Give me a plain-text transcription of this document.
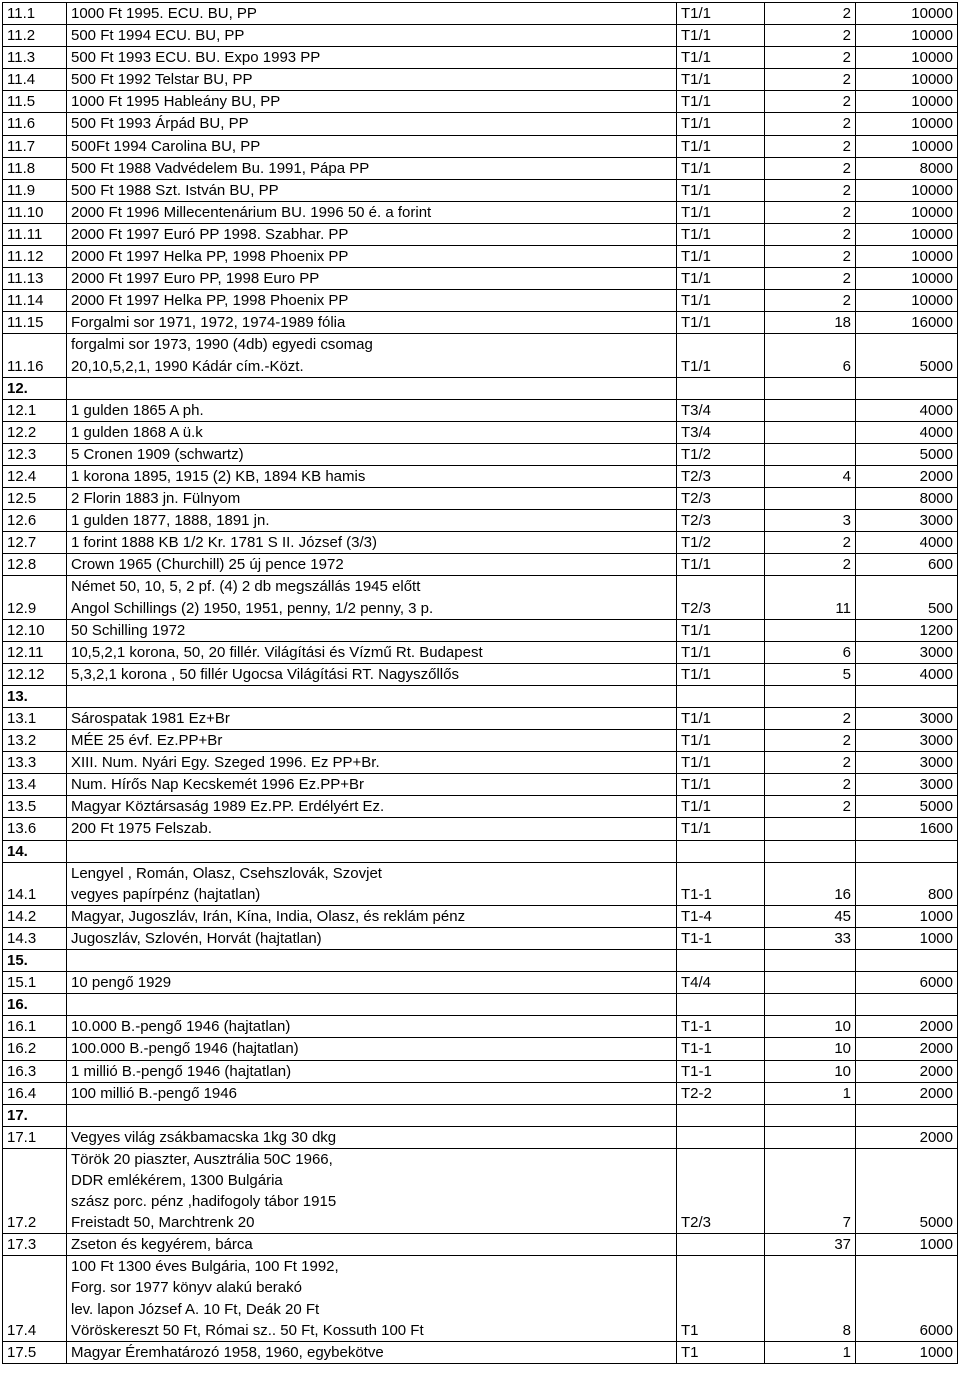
11.1	1000 Ft 1995. ECU. BU, PP	T1/1	2	10000
11.2	500 Ft 1994 ECU. BU, PP	T1/1	2	10000
11.3	500 Ft 1993 ECU. BU. Expo 1993 PP	T1/1	2	10000
11.4	500 Ft 1992 Telstar BU, PP	T1/1	2	10000
11.5	1000 Ft 1995 Hableány BU, PP	T1/1	2	10000
11.6	500 Ft 1993 Árpád BU, PP	T1/1	2	10000
11.7	500Ft 1994 Carolina BU, PP	T1/1	2	10000
11.8	500 Ft 1988 Vadvédelem Bu. 1991, Pápa PP	T1/1	2	8000
11.9	500 Ft 1988 Szt. István BU, PP	T1/1	2	10000
11.10	2000 Ft 1996 Millecentenárium BU. 1996 50 é. a forint	T1/1	2	10000
11.11	2000 Ft 1997 Euró PP 1998. Szabhar. PP	T1/1	2	10000
11.12	2000 Ft 1997 Helka PP, 1998 Phoenix PP	T1/1	2	10000
11.13	2000 Ft 1997 Euro PP, 1998 Euro PP	T1/1	2	10000
11.14	2000 Ft 1997 Helka PP, 1998 Phoenix PP	T1/1	2	10000
11.15	Forgalmi sor 1971, 1972, 1974-1989 fólia	T1/1	18	16000
11.16	forgalmi sor 1973, 1990 (4db) egyedi csomag
20,10,5,2,1, 1990 Kádár cím.-Közt.	T1/1	6	5000
12.				
12.1	1 gulden 1865 A ph.	T3/4		4000
12.2	1 gulden 1868 A ü.k	T3/4		4000
12.3	5 Cronen 1909 (schwartz)	T1/2		5000
12.4	1 korona 1895, 1915 (2) KB, 1894 KB hamis	T2/3	4	2000
12.5	2 Florin 1883 jn. Fülnyom	T2/3		8000
12.6	1 gulden 1877, 1888, 1891 jn.	T2/3	3	3000
12.7	1 forint 1888 KB 1/2 Kr. 1781 S II. József (3/3)	T1/2	2	4000
12.8	Crown 1965 (Churchill) 25 új pence 1972	T1/1	2	600
12.9	Német 50, 10, 5, 2 pf. (4) 2 db megszállás 1945 előtt
Angol Schillings (2) 1950, 1951, penny, 1/2 penny, 3 p.	T2/3	11	500
12.10	50 Schilling 1972	T1/1		1200
12.11	10,5,2,1 korona, 50, 20 fillér. Világítási és Vízmű Rt. Budapest	T1/1	6	3000
12.12	5,3,2,1 korona , 50 fillér Ugocsa Világítási RT. Nagyszőllős	T1/1	5	4000
13.				
13.1	Sárospatak 1981 Ez+Br	T1/1	2	3000
13.2	MÉE 25 évf. Ez.PP+Br	T1/1	2	3000
13.3	XIII. Num. Nyári Egy. Szeged 1996. Ez PP+Br.	T1/1	2	3000
13.4	Num. Hírős Nap Kecskemét 1996 Ez.PP+Br	T1/1	2	3000
13.5	Magyar Köztársaság 1989 Ez.PP. Erdélyért Ez.	T1/1	2	5000
13.6	200 Ft 1975 Felszab.	T1/1		1600
14.				
14.1	Lengyel , Román, Olasz, Csehszlovák, Szovjet
vegyes papírpénz (hajtatlan)	T1-1	16	800
14.2	Magyar, Jugoszláv, Irán, Kína, India, Olasz, és reklám pénz	T1-4	45	1000
14.3	Jugoszláv, Szlovén, Horvát (hajtatlan)	T1-1	33	1000
15.				
15.1	10 pengő 1929	T4/4		6000
16.				
16.1	10.000 B.-pengő 1946 (hajtatlan)	T1-1	10	2000
16.2	100.000 B.-pengő 1946 (hajtatlan)	T1-1	10	2000
16.3	1 millió B.-pengő 1946 (hajtatlan)	T1-1	10	2000
16.4	100 millió B.-pengő 1946	T2-2	1	2000
17.				
17.1	Vegyes világ zsákbamacska 1kg 30 dkg			2000
17.2	Török 20 piaszter, Ausztrália 50C 1966,
DDR emlékérem, 1300 Bulgária
szász porc. pénz ,hadifogoly tábor 1915
Freistadt 50, Marchtrenk 20	T2/3	7	5000
17.3	Zseton és kegyérem, bárca		37	1000
17.4	100 Ft 1300 éves Bulgária, 100 Ft 1992,
Forg. sor 1977 könyv alakú berakó
lev. lapon József A. 10 Ft, Deák 20 Ft
Vöröskereszt 50 Ft, Római sz.. 50 Ft, Kossuth 100 Ft	T1	8	6000
17.5	Magyar Éremhatározó 1958, 1960, egybekötve	T1	1	1000
